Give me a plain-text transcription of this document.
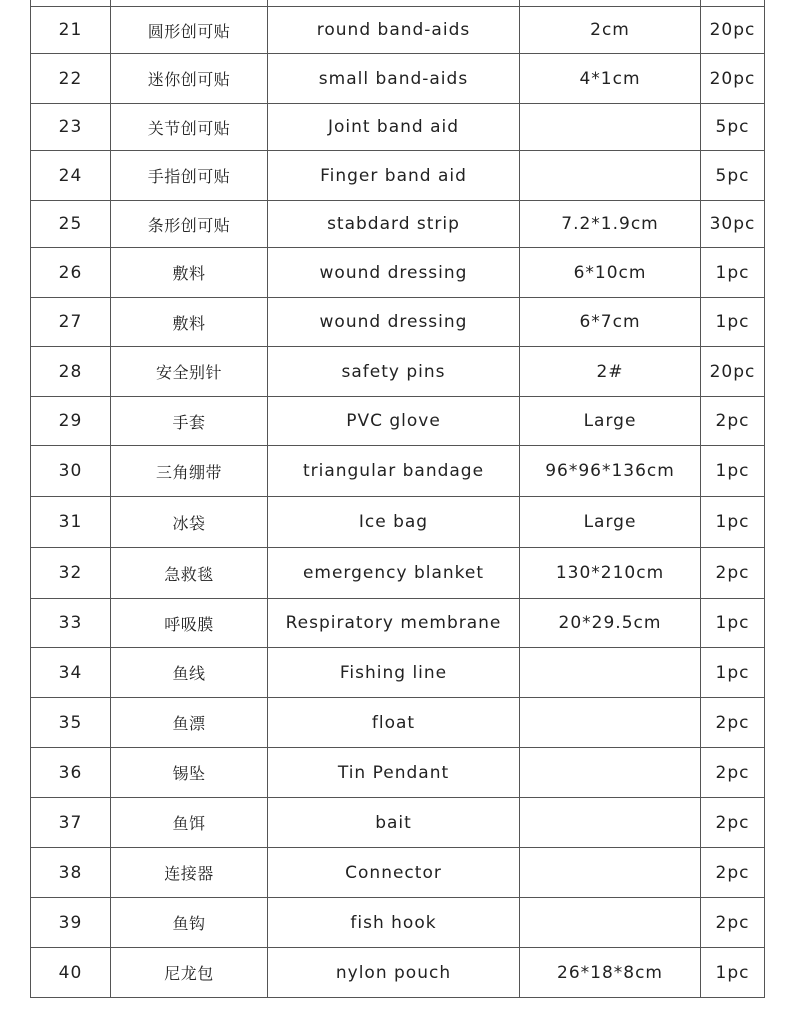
21	圆形创可贴	round band-aids	2cm	20pc
22	迷你创可贴	small band-aids	4*1cm	20pc
23	关节创可贴	Joint band aid		5pc
24	手指创可贴	Finger band aid		5pc
25	条形创可贴	stabdard strip	7.2*1.9cm	30pc
26	敷料	wound dressing	6*10cm	1pc
27	敷料	wound dressing	6*7cm	1pc
28	安全别针	safety pins	2#	20pc
29	手套	PVC glove	Large	2pc
30	三角绷带	triangular bandage	96*96*136cm	1pc
31	冰袋	Ice bag	Large	1pc
32	急救毯	emergency blanket	130*210cm	2pc
33	呼吸膜	Respiratory membrane	20*29.5cm	1pc
34	鱼线	Fishing line		1pc
35	鱼漂	float		2pc
36	锡坠	Tin Pendant		2pc
37	鱼饵	bait		2pc
38	连接器	Connector		2pc
39	鱼钩	fish hook		2pc
40	尼龙包	nylon pouch	26*18*8cm	1pc
